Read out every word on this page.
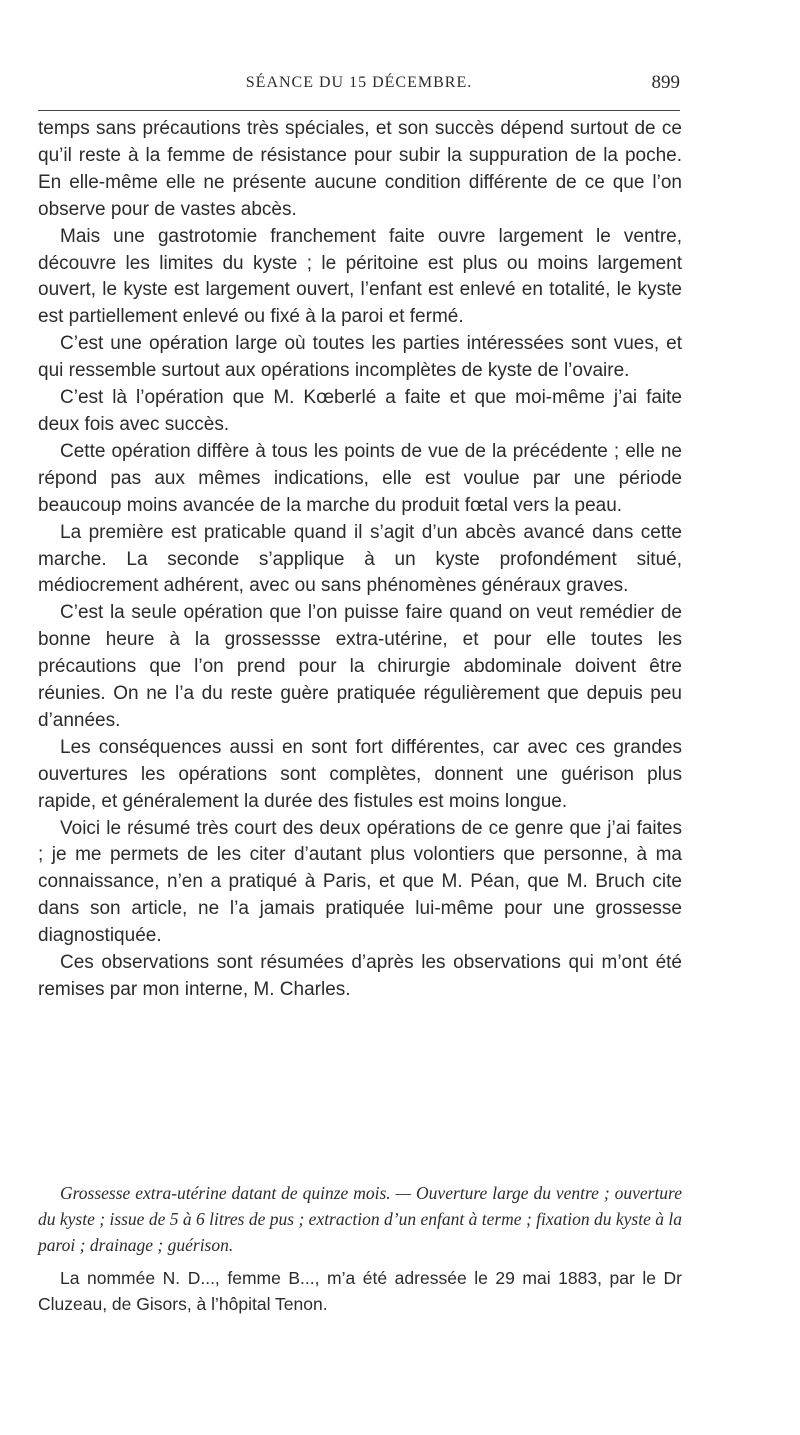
SÉANCE DU 15 DÉCEMBRE.	899

temps sans précautions très spéciales, et son succès dépend surtout de ce qu’il reste à la femme de résistance pour subir la suppuration de la poche. En elle-même elle ne présente aucune condition différente de ce que l’on observe pour de vastes abcès.

Mais une gastrotomie franchement faite ouvre largement le ventre, découvre les limites du kyste ; le péritoine est plus ou moins largement ouvert, le kyste est largement ouvert, l’enfant est enlevé en totalité, le kyste est partiellement enlevé ou fixé à la paroi et fermé.

C’est une opération large où toutes les parties intéressées sont vues, et qui ressemble surtout aux opérations incomplètes de kyste de l’ovaire.

C’est là l’opération que M. Kœberlé a faite et que moi-même j’ai faite deux fois avec succès.

Cette opération diffère à tous les points de vue de la précédente ; elle ne répond pas aux mêmes indications, elle est voulue par une période beaucoup moins avancée de la marche du produit fœtal vers la peau.

La première est praticable quand il s’agit d’un abcès avancé dans cette marche. La seconde s’applique à un kyste profondément situé, médiocrement adhérent, avec ou sans phénomènes généraux graves.

C’est la seule opération que l’on puisse faire quand on veut remédier de bonne heure à la grossessse extra-utérine, et pour elle toutes les précautions que l’on prend pour la chirurgie abdominale doivent être réunies. On ne l’a du reste guère pratiquée régulièrement que depuis peu d’années.

Les conséquences aussi en sont fort différentes, car avec ces grandes ouvertures les opérations sont complètes, donnent une guérison plus rapide, et généralement la durée des fistules est moins longue.

Voici le résumé très court des deux opérations de ce genre que j’ai faites ; je me permets de les citer d’autant plus volontiers que personne, à ma connaissance, n’en a pratiqué à Paris, et que M. Péan, que M. Bruch cite dans son article, ne l’a jamais pratiquée lui-même pour une grossesse diagnostiquée.

Ces observations sont résumées d’après les observations qui m’ont été remises par mon interne, M. Charles.

Grossesse extra-utérine datant de quinze mois. — Ouverture large du ventre ; ouverture du kyste ; issue de 5 à 6 litres de pus ; extraction d’un enfant à terme ; fixation du kyste à la paroi ; drainage ; guérison.

La nommée N. D..., femme B..., m’a été adressée le 29 mai 1883, par le Dr Cluzeau, de Gisors, à l’hôpital Tenon.
